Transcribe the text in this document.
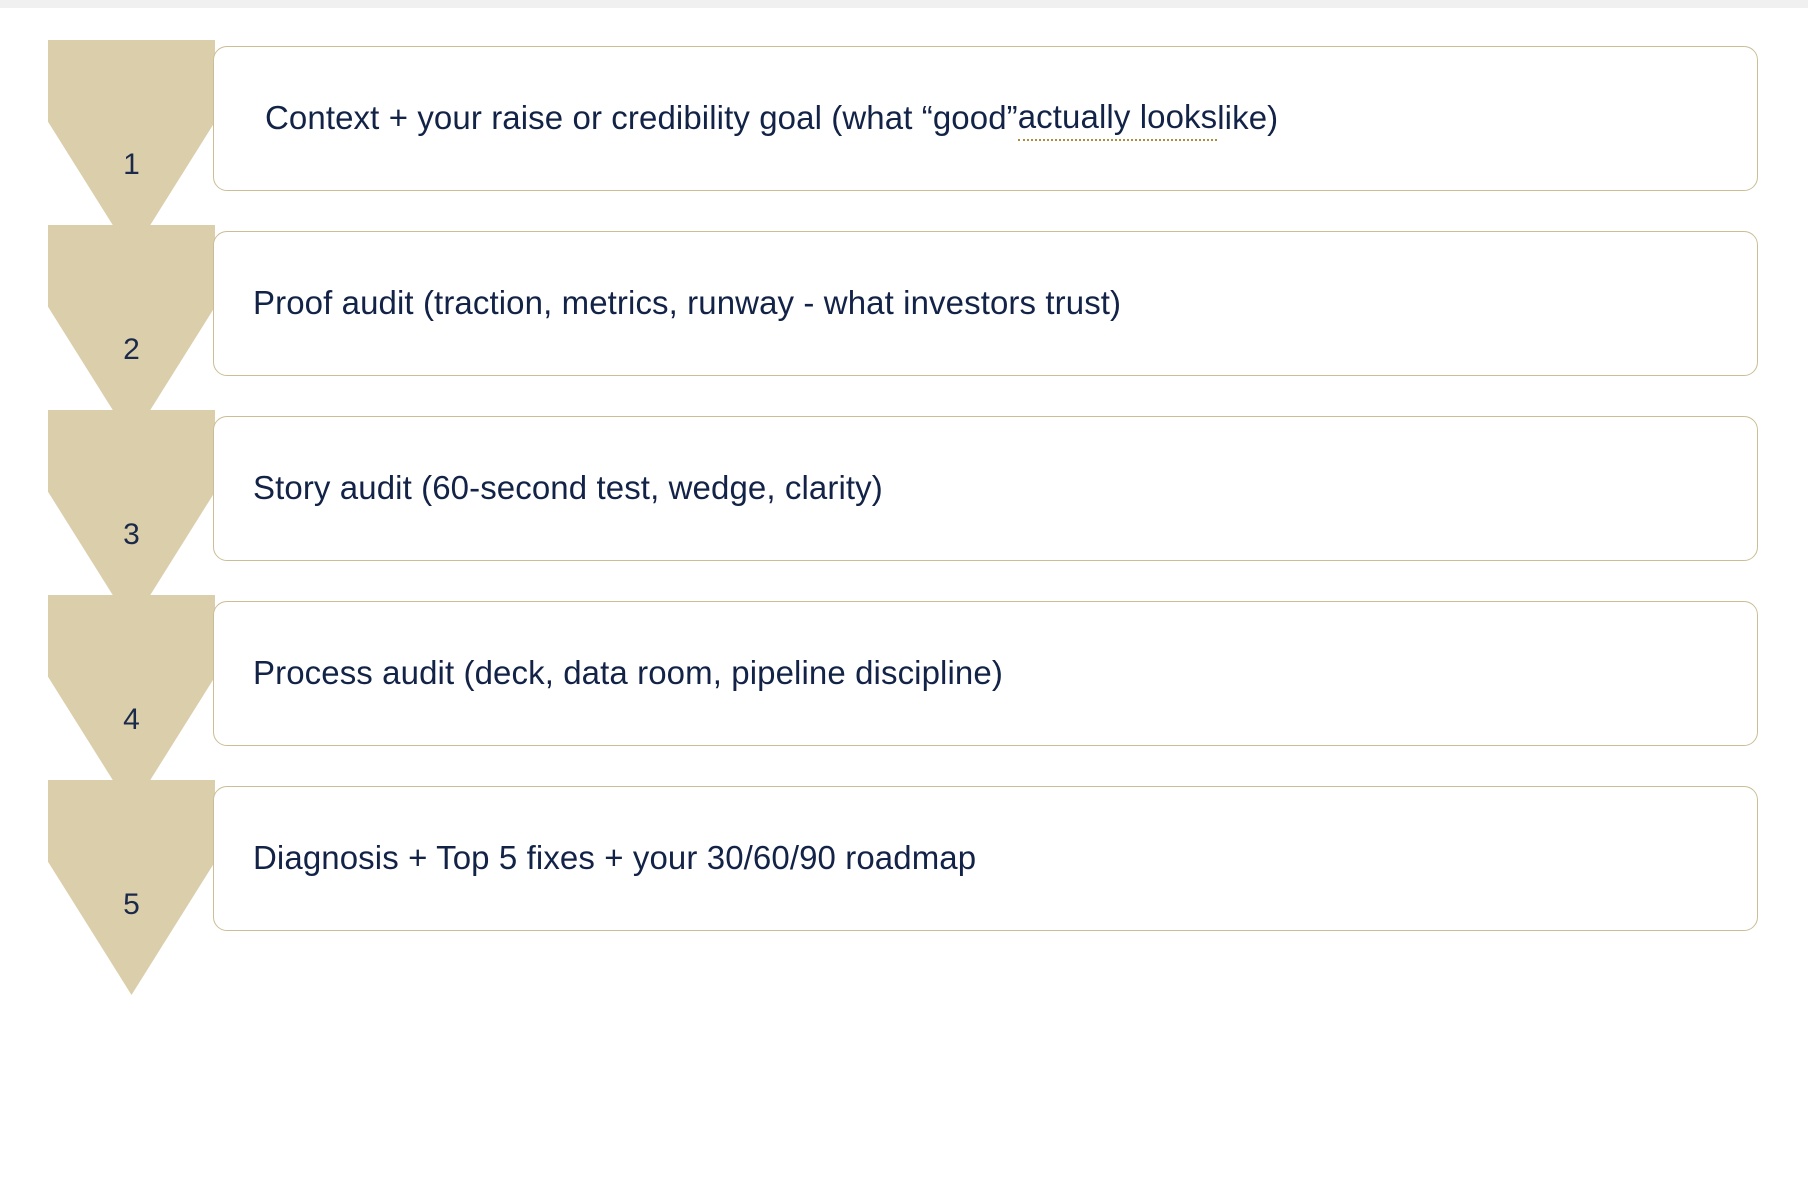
1
Context + your raise or credibility goal (what “good” actually looks like)
2
Proof audit (traction, metrics, runway - what investors trust)
3
Story audit (60-second test, wedge, clarity)
4
Process audit (deck, data room, pipeline discipline)
5
Diagnosis + Top 5 fixes + your 30/60/90 roadmap
